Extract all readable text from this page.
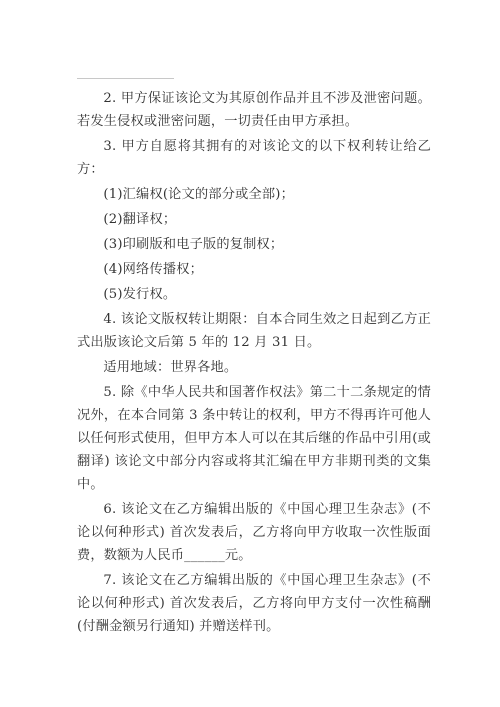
2. 甲方保证该论文为其原创作品并且不涉及泄密问题。若发生侵权或泄密问题，一切责任由甲方承担。

3. 甲方自愿将其拥有的对该论文的以下权利转让给乙方：

(1)汇编权(论文的部分或全部)；

(2)翻译权；

(3)印刷版和电子版的复制权；

(4)网络传播权；

(5)发行权。

4. 该论文版权转让期限：自本合同生效之日起到乙方正式出版该论文后第 5 年的 12 月 31 日。

适用地域：世界各地。

5. 除《中华人民共和国著作权法》第二十二条规定的情况外，在本合同第 3 条中转让的权利，甲方不得再许可他人以任何形式使用，但甲方本人可以在其后继的作品中引用(或翻译) 该论文中部分内容或将其汇编在甲方非期刊类的文集中。

6. 该论文在乙方编辑出版的《中国心理卫生杂志》(不论以何种形式) 首次发表后，乙方将向甲方收取一次性版面费，数额为人民币______元。

7. 该论文在乙方编辑出版的《中国心理卫生杂志》(不论以何种形式) 首次发表后，乙方将向甲方支付一次性稿酬(付酬金额另行通知) 并赠送样刊。
